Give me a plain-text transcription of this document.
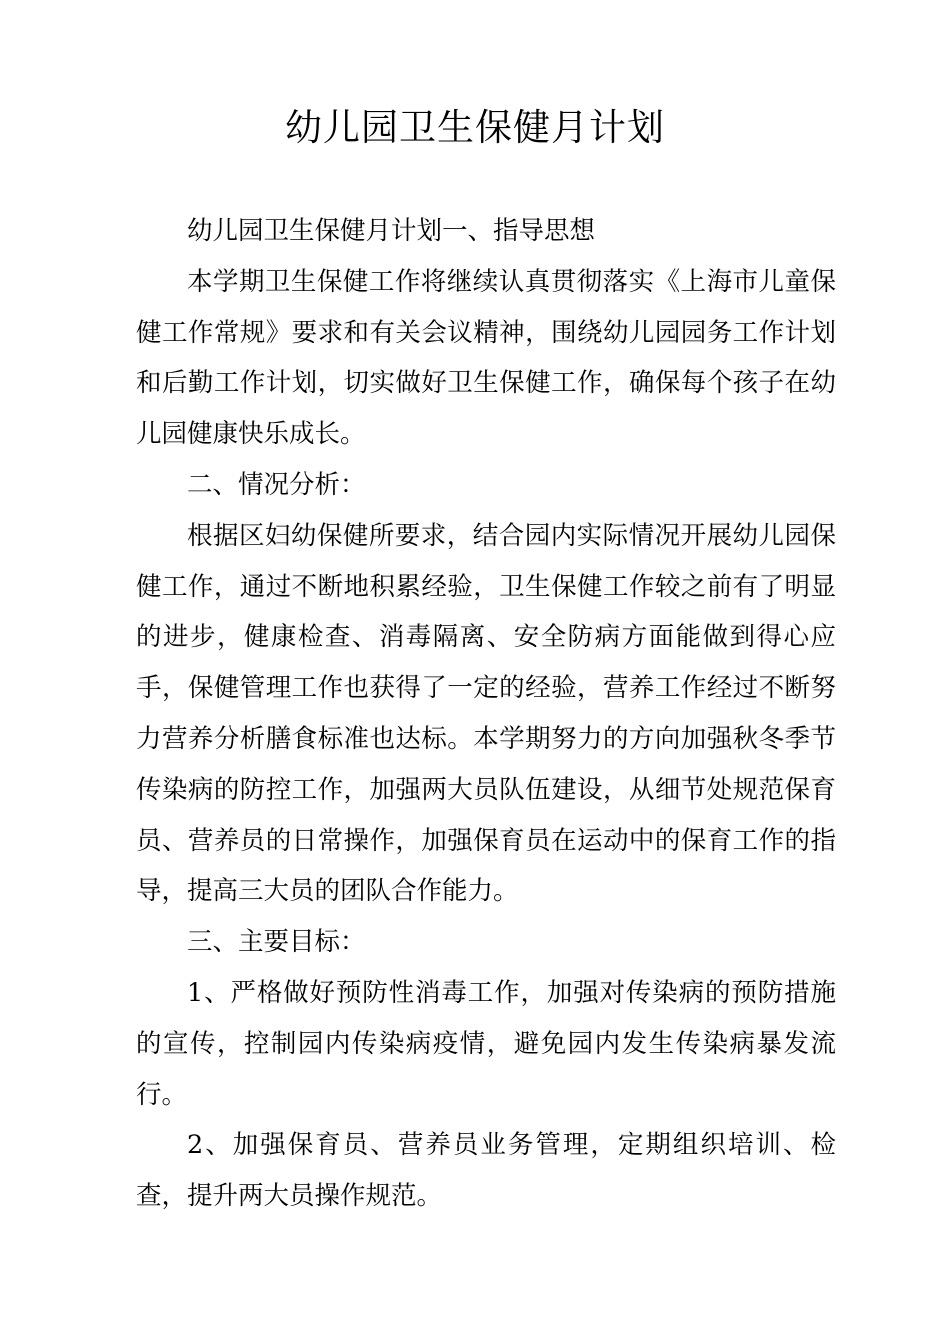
幼儿园卫生保健月计划

幼儿园卫生保健月计划一、指导思想

本学期卫生保健工作将继续认真贯彻落实《上海市儿童保健工作常规》要求和有关会议精神，围绕幼儿园园务工作计划和后勤工作计划，切实做好卫生保健工作，确保每个孩子在幼儿园健康快乐成长。

二、情况分析：

根据区妇幼保健所要求，结合园内实际情况开展幼儿园保健工作，通过不断地积累经验，卫生保健工作较之前有了明显的进步，健康检查、消毒隔离、安全防病方面能做到得心应手，保健管理工作也获得了一定的经验，营养工作经过不断努力营养分析膳食标准也达标。本学期努力的方向加强秋冬季节传染病的防控工作，加强两大员队伍建设，从细节处规范保育员、营养员的日常操作，加强保育员在运动中的保育工作的指导，提高三大员的团队合作能力。

三、主要目标：

1、严格做好预防性消毒工作，加强对传染病的预防措施的宣传，控制园内传染病疫情，避免园内发生传染病暴发流行。

2、加强保育员、营养员业务管理，定期组织培训、检查，提升两大员操作规范。
